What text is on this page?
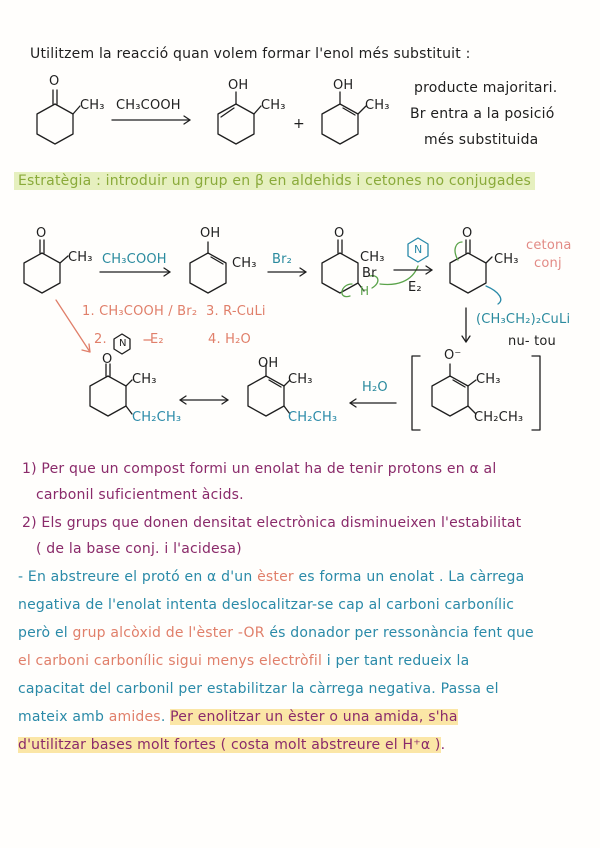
Utilitzem la reacció quan volem formar l'enol més substituit :
O
CH₃ CH₃COOH
OH
CH₃
+
OH
CH₃
producte majoritari.
Br entra a la posició
més substituida
Estratègia : introduir un grup en β en aldehids i cetones no conjugades
O
CH₃ CH₃COOH
OH
CH₃ Br₂
O
CH₃
Br
H
N
E₂
O
CH₃
cetona
conj
(CH₃CH₂)₂CuLi
nu- tou
O⁻
CH₃
CH₂CH₃
H₂O
OH
CH₃
CH₂CH₃
O
CH₃
CH₂CH₃
1. CH₃COOH / Br₂ 3. R-CuLi
2. N E₂	4. H₂O
1) Per que un compost formi un enolat ha de tenir protons en α al
carbonil suficientment àcids.
2) Els grups que donen densitat electrònica disminueixen l'estabilitat
( de la base conj. i l'acidesa)
- En abstreure el protó en α d'un èster es forma un enolat . La càrrega
negativa de l'enolat intenta deslocalitzar-se cap al carboni carbonílic
però el grup alcòxid de l'èster -OR és donador per ressonància fent que
el carboni carbonílic sigui menys electròfil i per tant redueix la
capacitat del carbonil per estabilitzar la càrrega negativa. Passa el
mateix amb amides. Per enolitzar un èster o una amida, s'ha
d'utilitzar bases molt fortes ( costa molt abstreure el H⁺α ).
